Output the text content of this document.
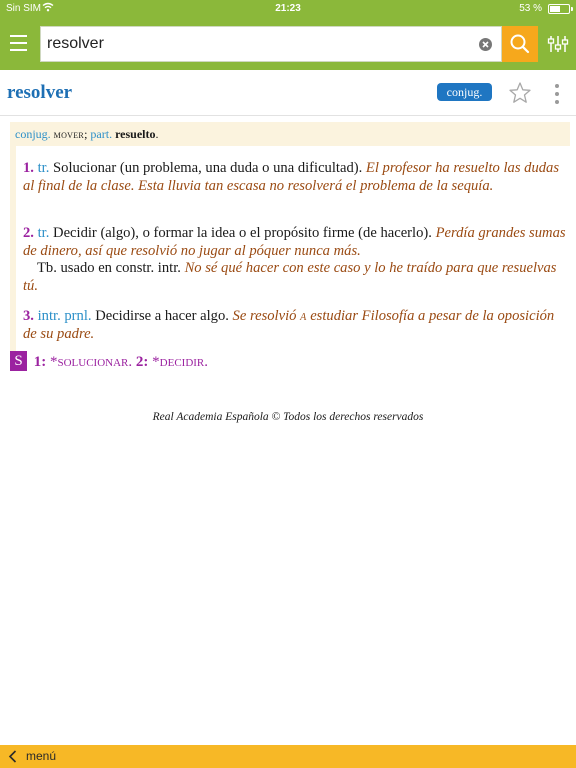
Sin SIM	21:23	53 %
resolver
resolver	conjug.
conjug. mover; part. resuelto.
1. tr. Solucionar (un problema, una duda o una dificultad). El profesor ha resuelto las dudas al final de la clase. Esta lluvia tan escasa no resolverá el problema de la sequía.
2. tr. Decidir (algo), o formar la idea o el propósito firme (de hacerlo). Perdía grandes sumas de dinero, así que resolvió no jugar al póquer nunca más.
Tb. usado en constr. intr. No sé qué hacer con este caso y lo he traído para que resuelvas tú.
3. intr. prnl. Decidirse a hacer algo. Se resolvió a estudiar Filosofía a pesar de la oposición de su padre.
S 1: *solucionar. 2: *decidir.
Real Academia Española © Todos los derechos reservados
menú
